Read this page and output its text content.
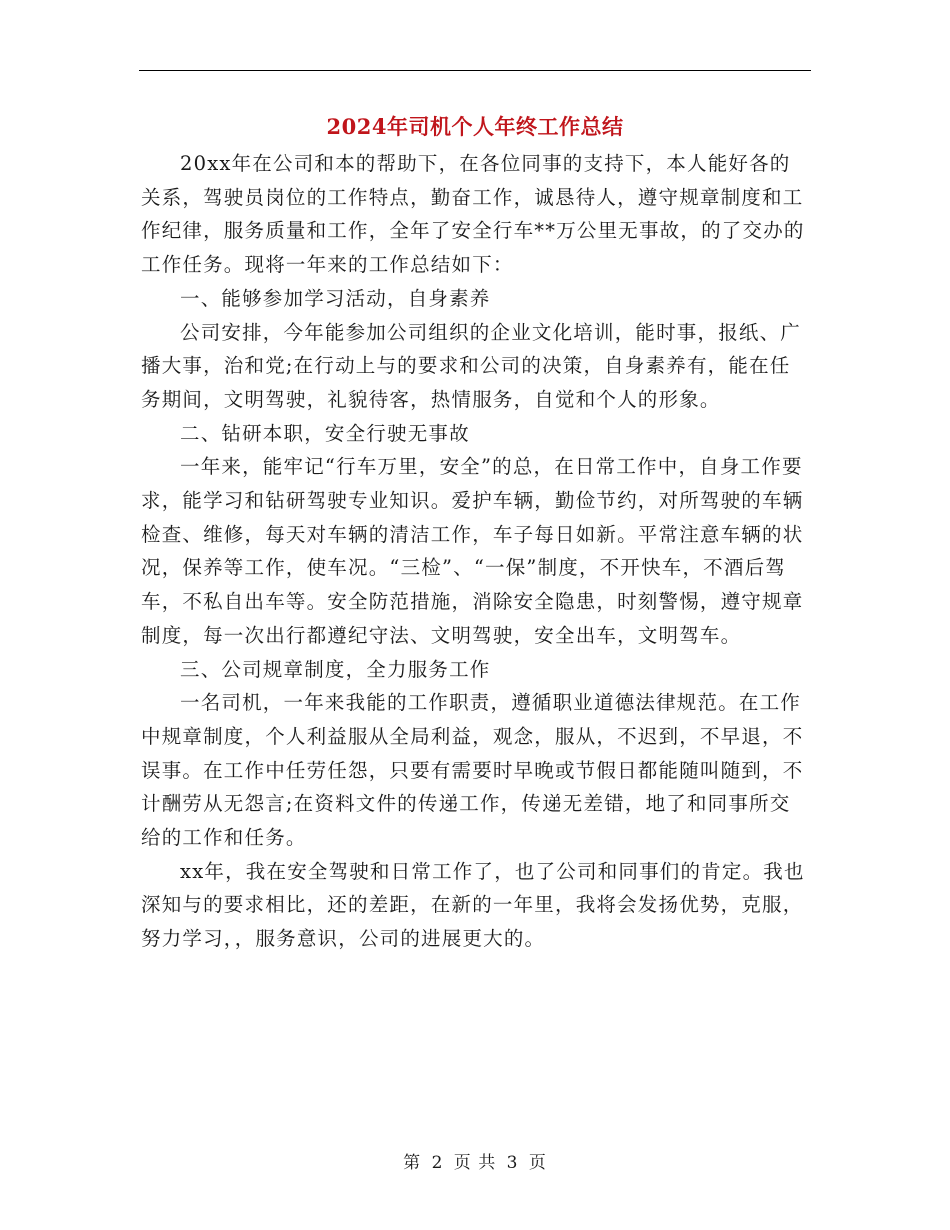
2024年司机个人年终工作总结

20xx年在公司和本的帮助下，在各位同事的支持下，本人能好各的关系，驾驶员岗位的工作特点，勤奋工作，诚恳待人，遵守规章制度和工作纪律，服务质量和工作，全年了安全行车**万公里无事故，的了交办的工作任务。现将一年来的工作总结如下：

一、能够参加学习活动，自身素养

公司安排，今年能参加公司组织的企业文化培训，能时事，报纸、广播大事，治和党;在行动上与的要求和公司的决策，自身素养有，能在任务期间，文明驾驶，礼貌待客，热情服务，自觉和个人的形象。

二、钻研本职，安全行驶无事故

一年来，能牢记“行车万里，安全”的总，在日常工作中，自身工作要求，能学习和钻研驾驶专业知识。爱护车辆，勤俭节约，对所驾驶的车辆检查、维修，每天对车辆的清洁工作，车子每日如新。平常注意车辆的状况，保养等工作，使车况。“三检”、“一保”制度，不开快车，不酒后驾车，不私自出车等。安全防范措施，消除安全隐患，时刻警惕，遵守规章制度，每一次出行都遵纪守法、文明驾驶，安全出车，文明驾车。

三、公司规章制度，全力服务工作

一名司机，一年来我能的工作职责，遵循职业道德法律规范。在工作中规章制度，个人利益服从全局利益，观念，服从，不迟到，不早退，不误事。在工作中任劳任怨，只要有需要时早晚或节假日都能随叫随到，不计酬劳从无怨言;在资料文件的传递工作，传递无差错，地了和同事所交给的工作和任务。

xx年，我在安全驾驶和日常工作了，也了公司和同事们的肯定。我也深知与的要求相比，还的差距，在新的一年里，我将会发扬优势，克服，努力学习，，服务意识，公司的进展更大的。

第 2 页 共 3 页
